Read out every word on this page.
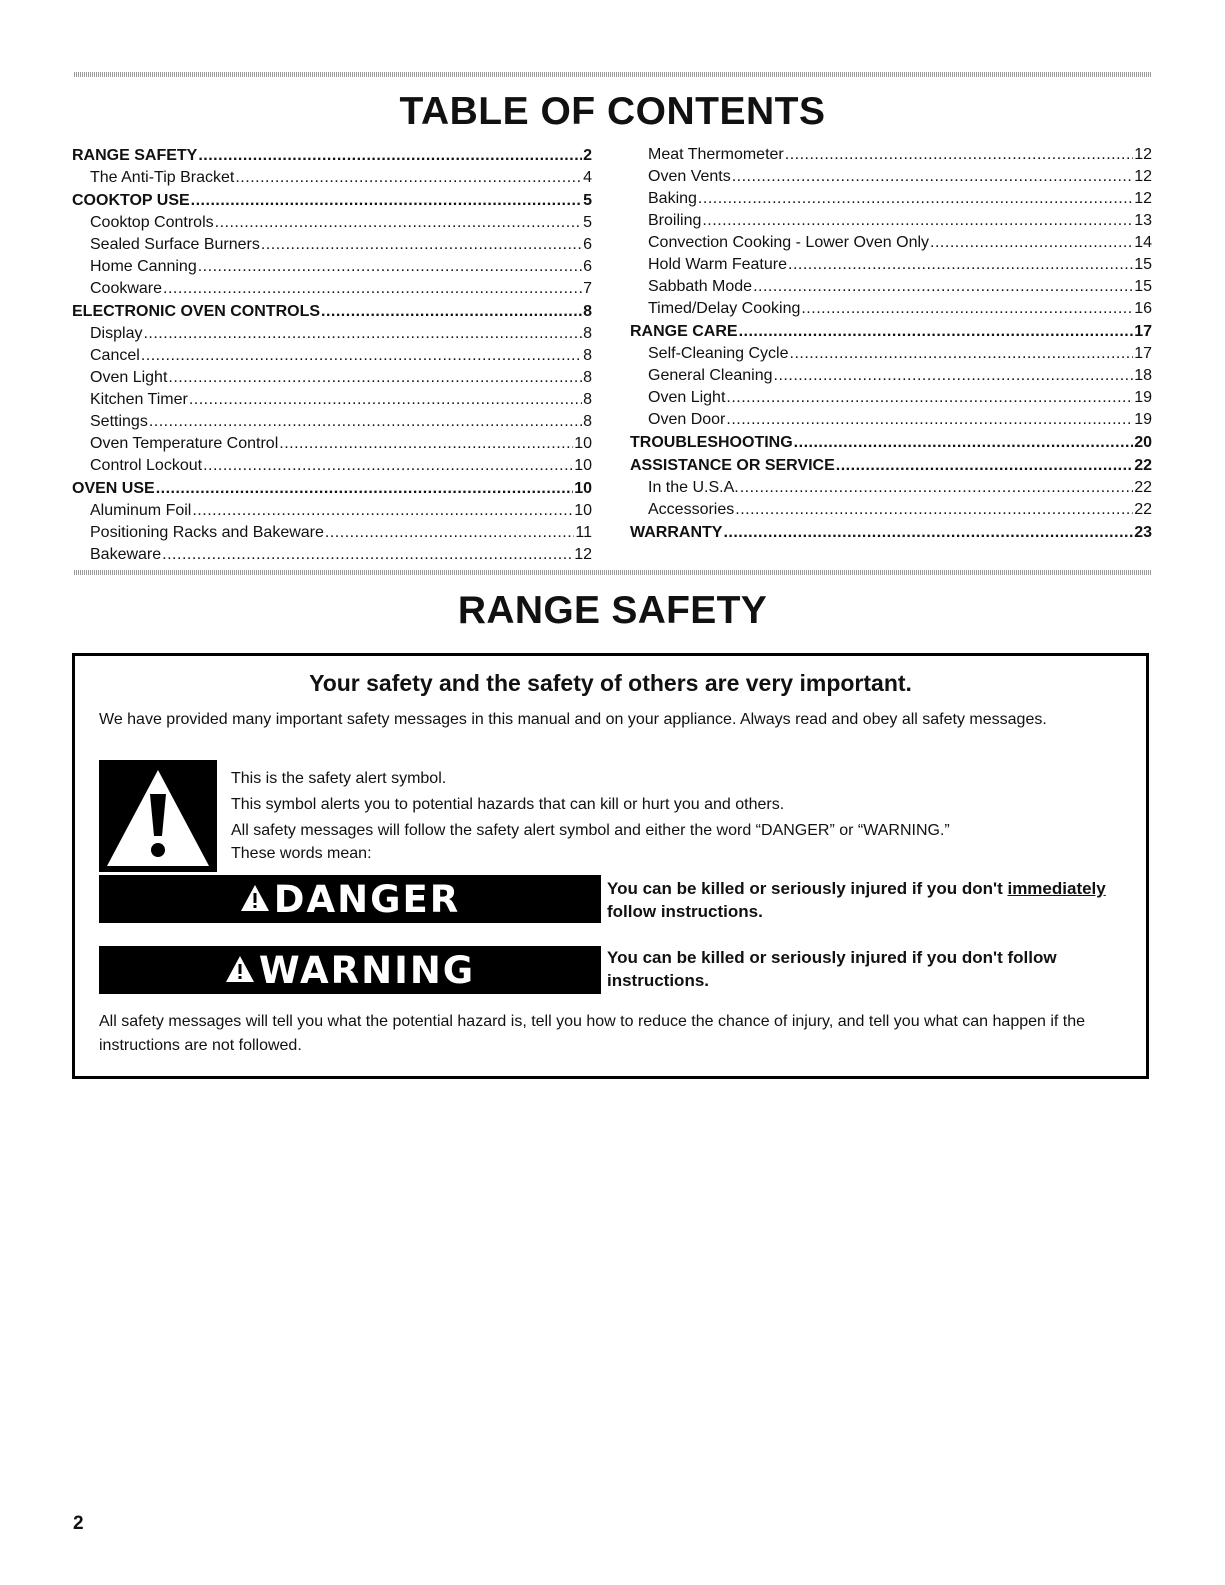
TABLE OF CONTENTS
RANGE SAFETY .....	2
The Anti-Tip Bracket .....	4
COOKTOP USE .....	5
Cooktop Controls .....	5
Sealed Surface Burners .....	6
Home Canning .....	6
Cookware .....	7
ELECTRONIC OVEN CONTROLS .....	8
Display .....	8
Cancel .....	8
Oven Light .....	8
Kitchen Timer .....	8
Settings .....	8
Oven Temperature Control .....	10
Control Lockout .....	10
OVEN USE .....	10
Aluminum Foil .....	10
Positioning Racks and Bakeware .....	11
Bakeware .....	12
Meat Thermometer .....	12
Oven Vents .....	12
Baking .....	12
Broiling .....	13
Convection Cooking - Lower Oven Only .....	14
Hold Warm Feature .....	15
Sabbath Mode .....	15
Timed/Delay Cooking .....	16
RANGE CARE .....	17
Self-Cleaning Cycle .....	17
General Cleaning .....	18
Oven Light .....	19
Oven Door .....	19
TROUBLESHOOTING .....	20
ASSISTANCE OR SERVICE .....	22
In the U.S.A. .....	22
Accessories .....	22
WARRANTY .....	23
RANGE SAFETY
Your safety and the safety of others are very important.

We have provided many important safety messages in this manual and on your appliance. Always read and obey all safety messages.

This is the safety alert symbol.

This symbol alerts you to potential hazards that can kill or hurt you and others.

All safety messages will follow the safety alert symbol and either the word “DANGER” or “WARNING.”

These words mean:

DANGER	You can be killed or seriously injured if you don't immediately follow instructions.
WARNING	You can be killed or seriously injured if you don't follow instructions.

All safety messages will tell you what the potential hazard is, tell you how to reduce the chance of injury, and tell you what can happen if the instructions are not followed.

2
